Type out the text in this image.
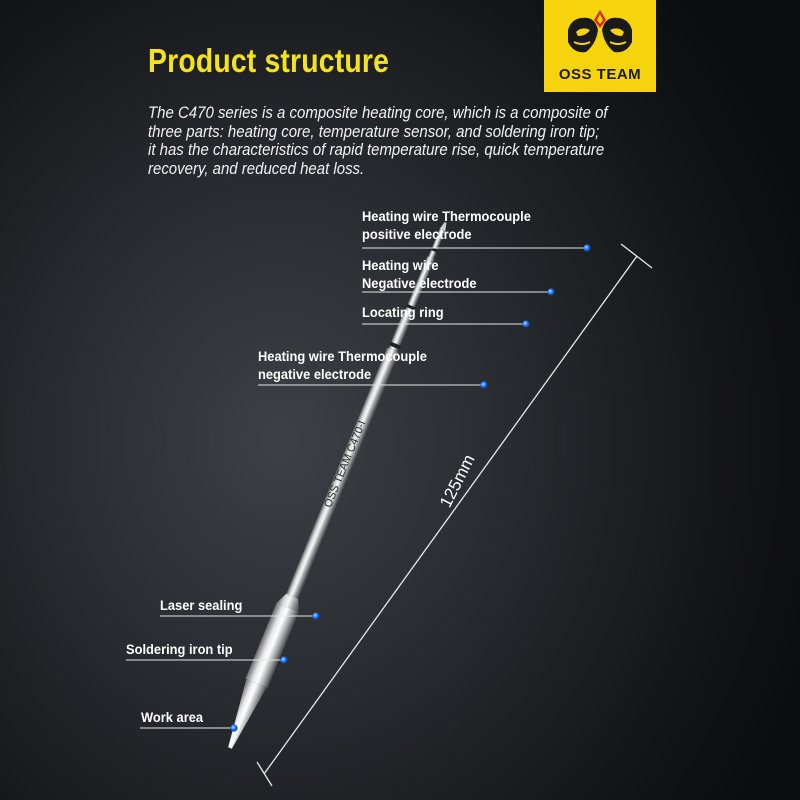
Product structure
The C470 series is a composite heating core, which is a composite of three parts: heating core, temperature sensor, and soldering iron tip; it has the characteristics of rapid temperature rise, quick temperature recovery, and reduced heat loss.
OSS TEAM
OSS TEAM C470-I
Heating wire Thermocouple
positive electrode
Heating wire
Negative electrode
Locating ring
Heating wire Thermocouple
negative electrode
Laser sealing
Soldering iron tip
Work area
125mm
